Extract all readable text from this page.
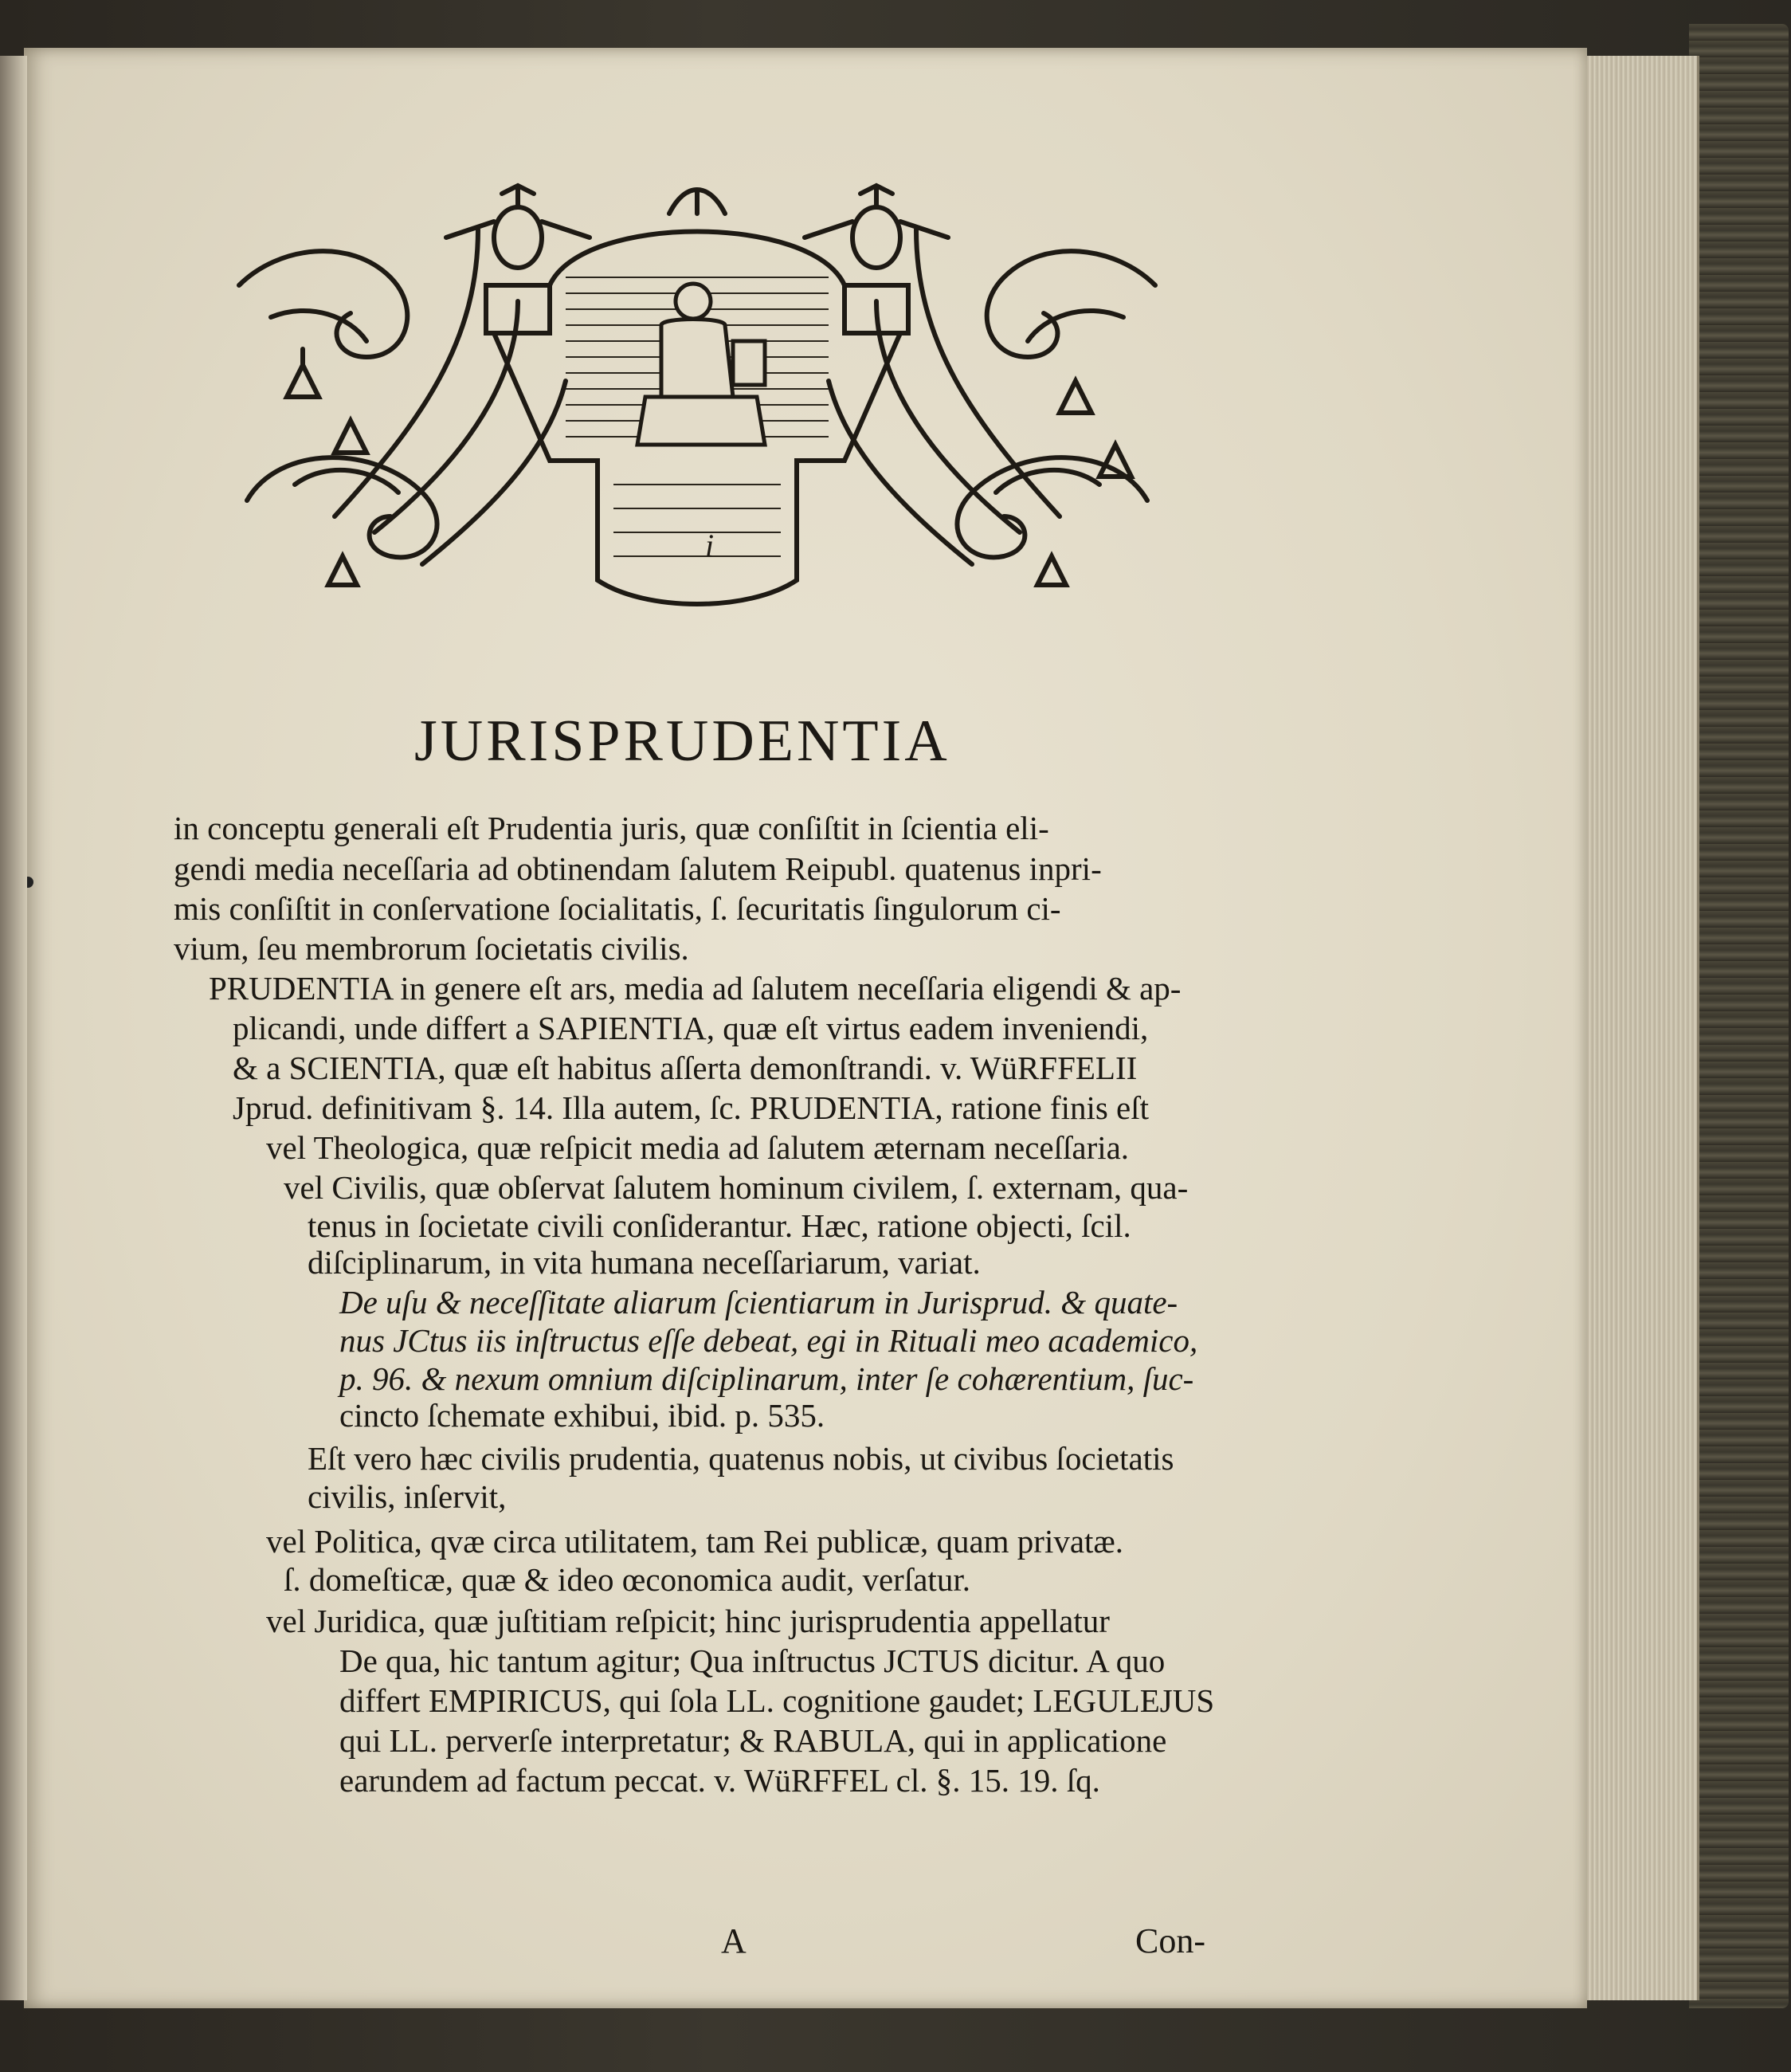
i
JURISPRUDENTIA
in conceptu generali eſt Prudentia juris, quæ conſiſtit in ſcientia eli-
gendi media neceſſaria ad obtinendam ſalutem Reipubl. quatenus inpri-
mis conſiſtit in conſervatione ſocialitatis, ſ. ſecuritatis ſingulorum ci-
vium, ſeu membrorum ſocietatis civilis.
PRUDENTIA in genere eſt ars, media ad ſalutem neceſſaria eligendi & ap-
plicandi, unde differt a SAPIENTIA, quæ eſt virtus eadem inveniendi,
& a SCIENTIA, quæ eſt habitus aſſerta demonſtrandi. v. WüRFFELII
Jprud. definitivam §. 14. Illa autem, ſc. PRUDENTIA, ratione finis eſt
vel Theologica, quæ reſpicit media ad ſalutem æternam neceſſaria.
vel Civilis, quæ obſervat ſalutem hominum civilem, ſ. externam, qua-
tenus in ſocietate civili conſiderantur. Hæc, ratione objecti, ſcil.
diſciplinarum, in vita humana neceſſariarum, variat.
De uſu & neceſſitate aliarum ſcientiarum in Jurisprud. & quate-
nus JCtus iis inſtructus eſſe debeat, egi in Rituali meo academico,
p. 96. & nexum omnium diſciplinarum, inter ſe cohærentium, ſuc-
cincto ſchemate exhibui, ibid. p. 535.
Eſt vero hæc civilis prudentia, quatenus nobis, ut civibus ſocietatis
civilis, inſervit,
vel Politica, qvæ circa utilitatem, tam Rei publicæ, quam privatæ.
ſ. domeſticæ, quæ & ideo œconomica audit, verſatur.
vel Juridica, quæ juſtitiam reſpicit; hinc jurisprudentia appellatur
De qua, hic tantum agitur; Qua inſtructus JCTUS dicitur. A quo
differt EMPIRICUS, qui ſola LL. cognitione gaudet; LEGULEJUS
qui LL. perverſe interpretatur; & RABULA, qui in applicatione
earundem ad factum peccat. v. WüRFFEL cl. §. 15. 19. ſq.
A	Con-
